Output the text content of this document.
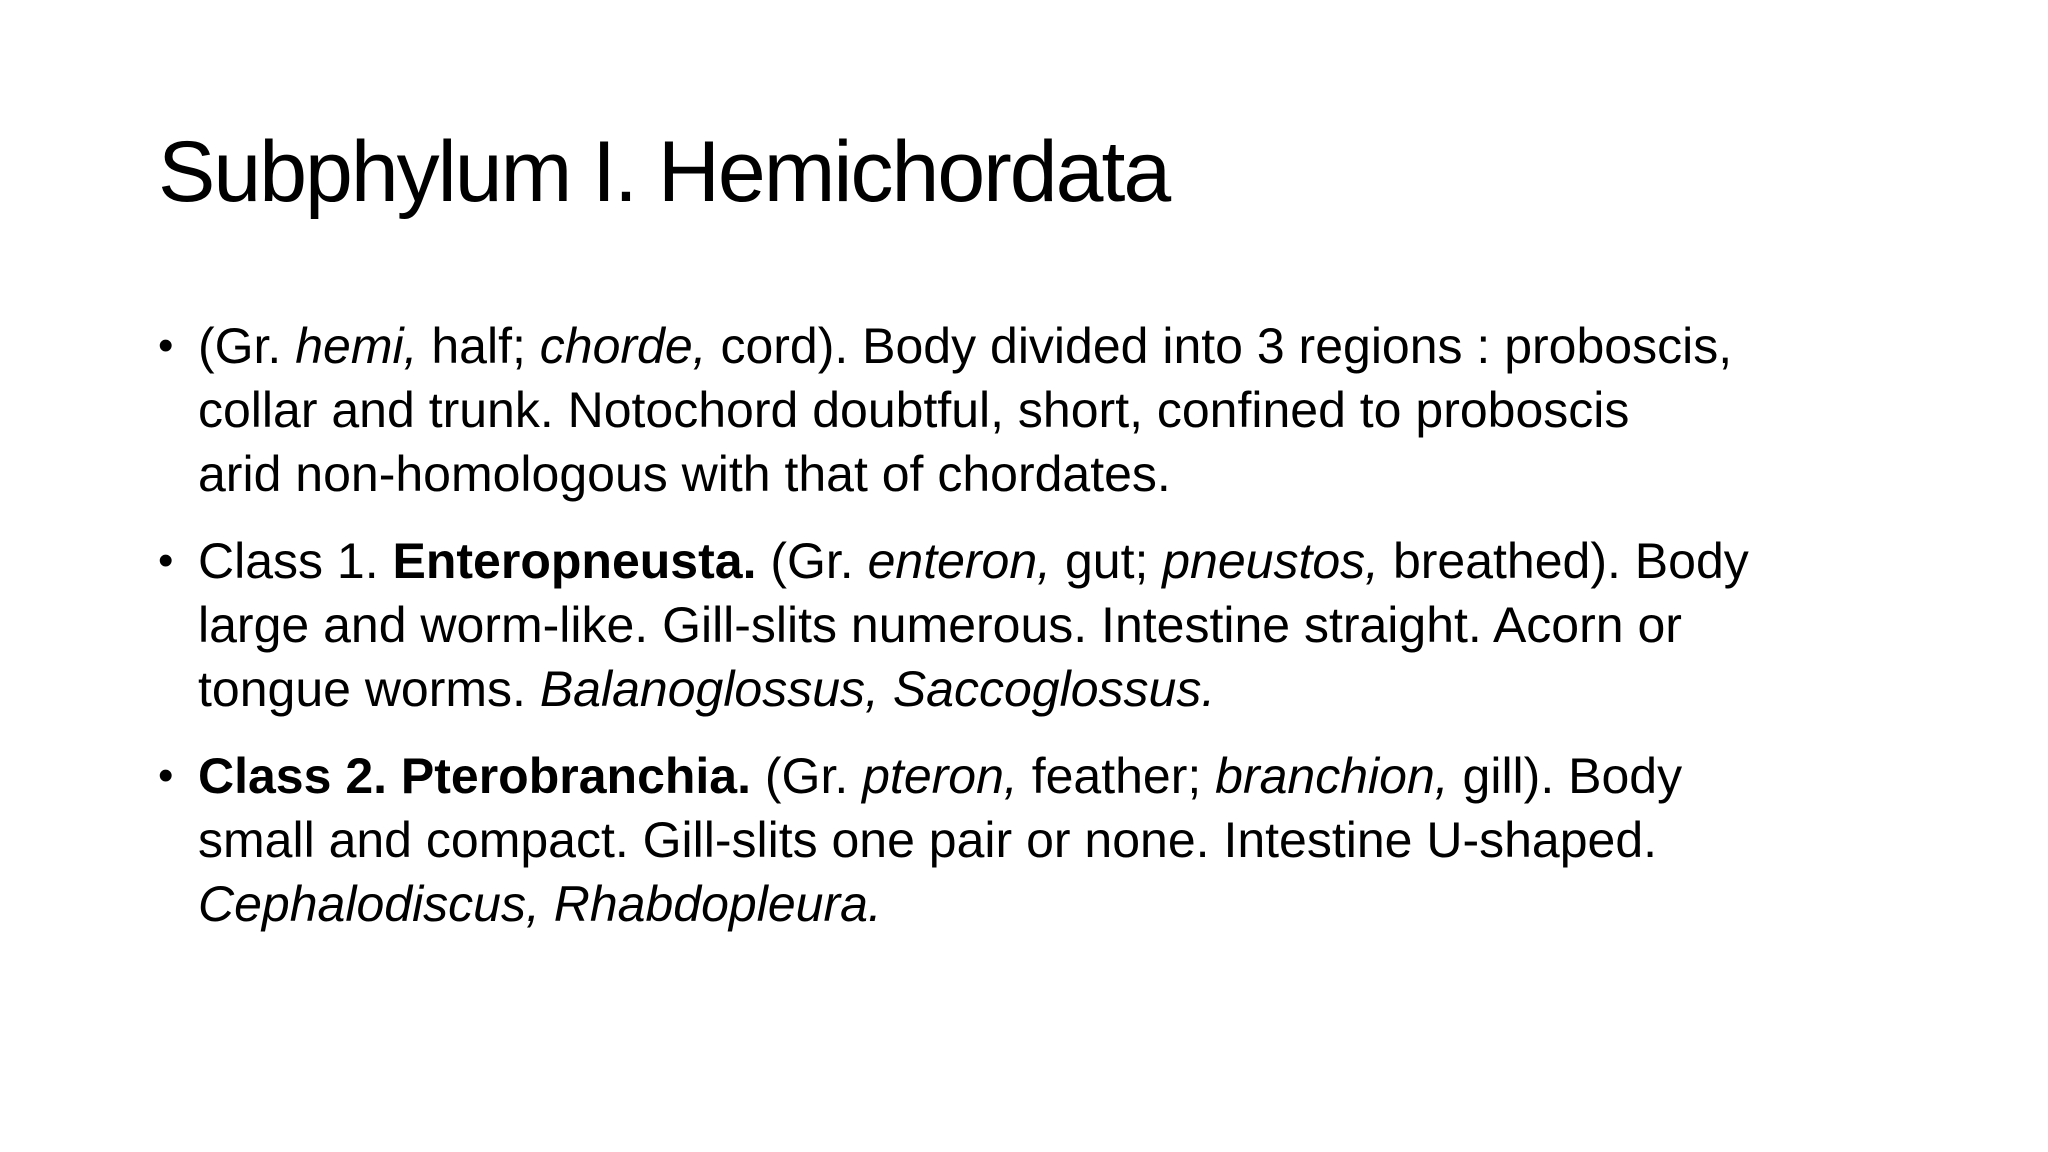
Subphylum I. Hemichordata
• (Gr. hemi, half; chorde, cord). Body divided into 3 regions : proboscis,
collar and trunk. Notochord doubtful, short, confined to proboscis
arid non-homologous with that of chordates.
• Class 1. Enteropneusta. (Gr. enteron, gut; pneustos, breathed). Body
large and worm-like. Gill-slits numerous. Intestine straight. Acorn or
tongue worms. Balanoglossus, Saccoglossus.
• Class 2. Pterobranchia. (Gr. pteron, feather; branchion, gill). Body
small and compact. Gill-slits one pair or none. Intestine U-shaped.
Cephalodiscus, Rhabdopleura.
